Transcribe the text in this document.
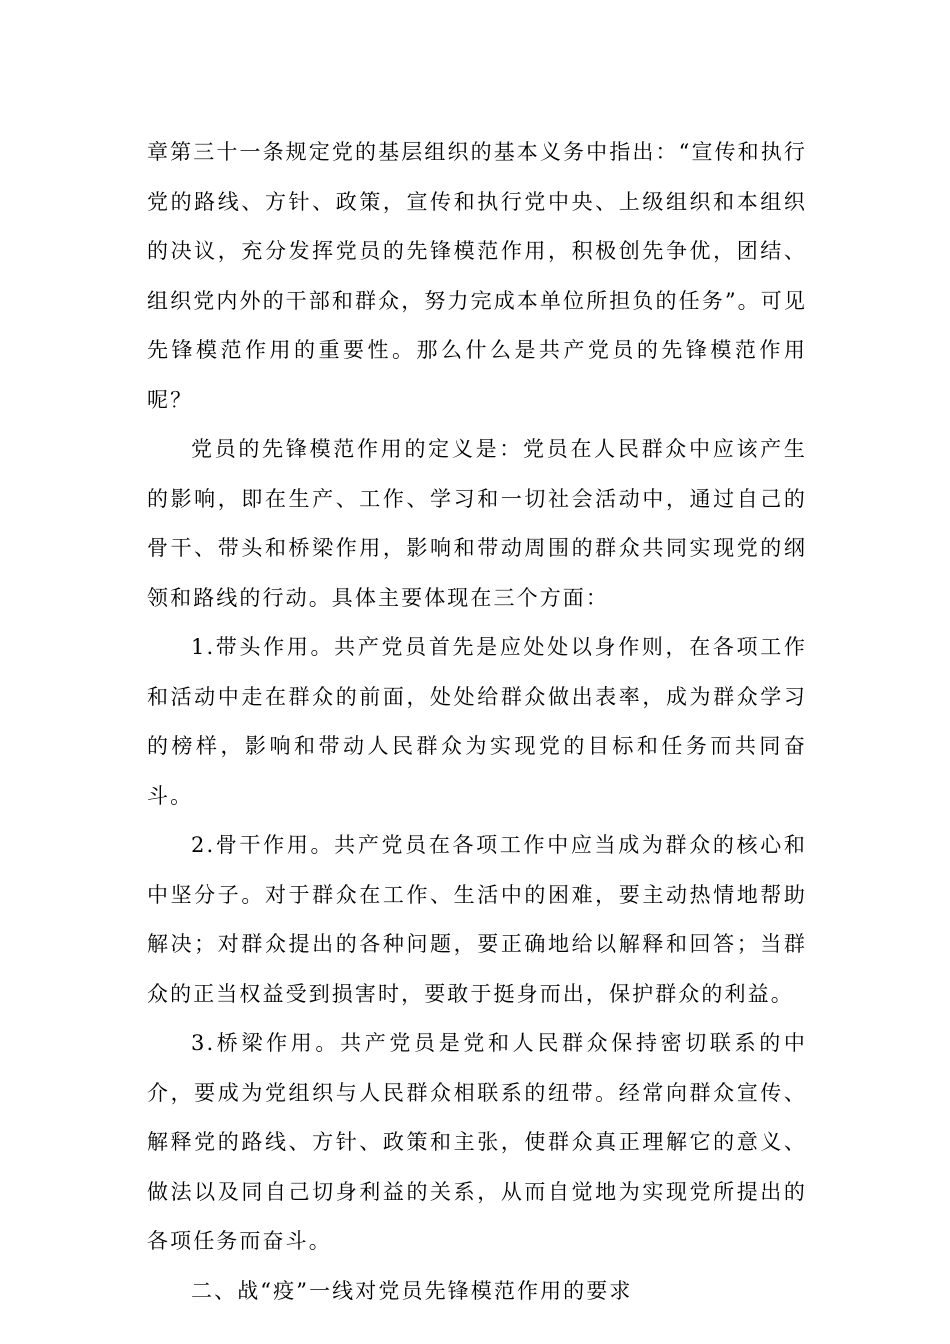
章第三十一条规定党的基层组织的基本义务中指出：“宣传和执行党的路线、方针、政策，宣传和执行党中央、上级组织和本组织的决议，充分发挥党员的先锋模范作用，积极创先争优，团结、组织党内外的干部和群众，努力完成本单位所担负的任务”。可见先锋模范作用的重要性。那么什么是共产党员的先锋模范作用呢？

党员的先锋模范作用的定义是：党员在人民群众中应该产生的影响，即在生产、工作、学习和一切社会活动中，通过自己的骨干、带头和桥梁作用，影响和带动周围的群众共同实现党的纲领和路线的行动。具体主要体现在三个方面：

1.带头作用。共产党员首先是应处处以身作则，在各项工作和活动中走在群众的前面，处处给群众做出表率，成为群众学习的榜样，影响和带动人民群众为实现党的目标和任务而共同奋斗。

2.骨干作用。共产党员在各项工作中应当成为群众的核心和中坚分子。对于群众在工作、生活中的困难，要主动热情地帮助解决；对群众提出的各种问题，要正确地给以解释和回答；当群众的正当权益受到损害时，要敢于挺身而出，保护群众的利益。

3.桥梁作用。共产党员是党和人民群众保持密切联系的中介，要成为党组织与人民群众相联系的纽带。经常向群众宣传、解释党的路线、方针、政策和主张，使群众真正理解它的意义、做法以及同自己切身利益的关系，从而自觉地为实现党所提出的各项任务而奋斗。

二、战“疫”一线对党员先锋模范作用的要求
